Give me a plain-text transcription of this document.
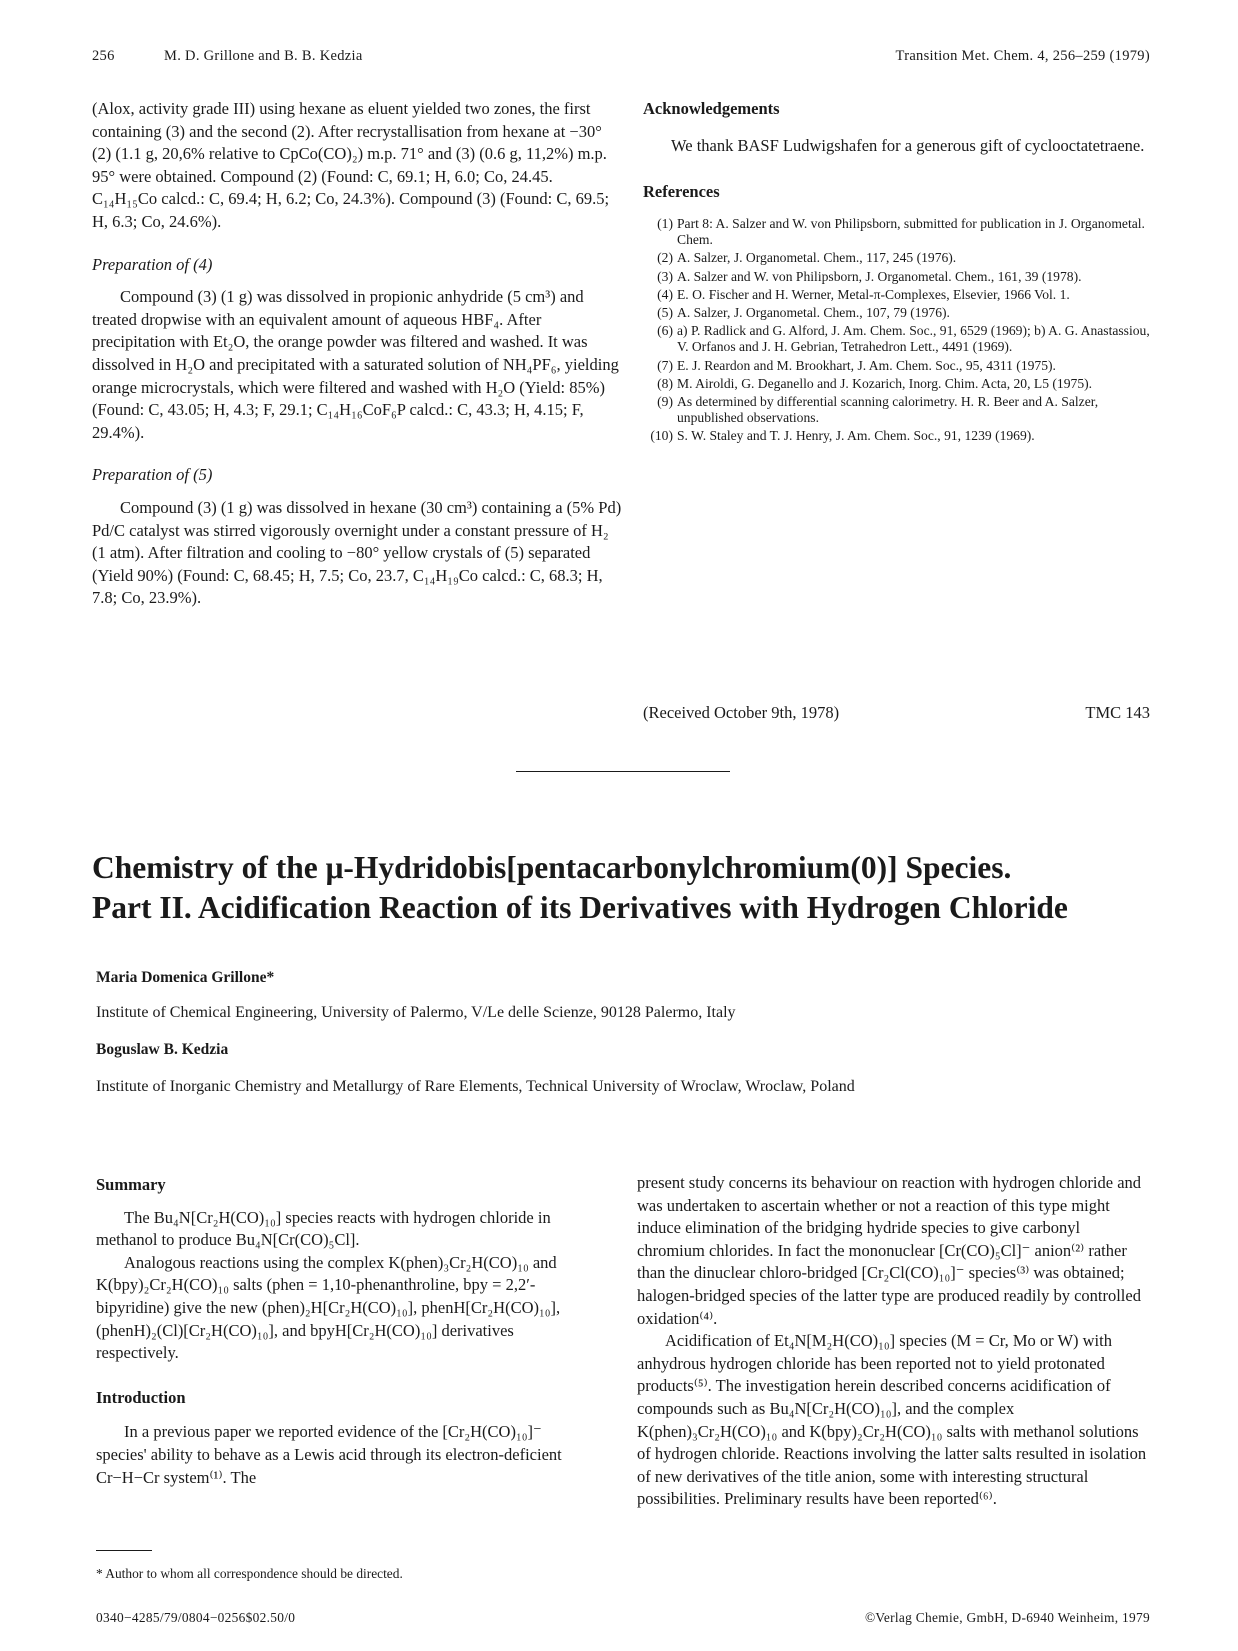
256	M. D. Grillone and B. B. Kedzia	Transition Met. Chem. 4, 256–259 (1979)

(Alox, activity grade III) using hexane as eluent yielded two zones, the first containing (3) and the second (2). After recrystallisation from hexane at −30° (2) (1.1 g, 20,6% relative to CpCo(CO)₂) m.p. 71° and (3) (0.6 g, 11,2%) m.p. 95° were obtained. Compound (2) (Found: C, 69.1; H, 6.0; Co, 24.45. C₁₄H₁₅Co calcd.: C, 69.4; H, 6.2; Co, 24.3%). Compound (3) (Found: C, 69.5; H, 6.3; Co, 24.6%).

Preparation of (4)

Compound (3) (1 g) was dissolved in propionic anhydride (5 cm³) and treated dropwise with an equivalent amount of aqueous HBF₄. After precipitation with Et₂O, the orange powder was filtered and washed. It was dissolved in H₂O and precipitated with a saturated solution of NH₄PF₆, yielding orange microcrystals, which were filtered and washed with H₂O (Yield: 85%) (Found: C, 43.05; H, 4.3; F, 29.1; C₁₄H₁₆CoF₆P calcd.: C, 43.3; H, 4.15; F, 29.4%).

Preparation of (5)

Compound (3) (1 g) was dissolved in hexane (30 cm³) containing a (5% Pd) Pd/C catalyst was stirred vigorously overnight under a constant pressure of H₂ (1 atm). After filtration and cooling to −80° yellow crystals of (5) separated (Yield 90%) (Found: C, 68.45; H, 7.5; Co, 23.7, C₁₄H₁₉Co calcd.: C, 68.3; H, 7.8; Co, 23.9%).

Acknowledgements

We thank BASF Ludwigshafen for a generous gift of cyclooctatetraene.

References
(1) Part 8: A. Salzer and W. von Philipsborn, submitted for publication in J. Organometal. Chem.
(2) A. Salzer, J. Organometal. Chem., 117, 245 (1976).
(3) A. Salzer and W. von Philipsborn, J. Organometal. Chem., 161, 39 (1978).
(4) E. O. Fischer and H. Werner, Metal-π-Complexes, Elsevier, 1966 Vol. 1.
(5) A. Salzer, J. Organometal. Chem., 107, 79 (1976).
(6) a) P. Radlick and G. Alford, J. Am. Chem. Soc., 91, 6529 (1969); b) A. G. Anastassiou, V. Orfanos and J. H. Gebrian, Tetrahedron Lett., 4491 (1969).
(7) E. J. Reardon and M. Brookhart, J. Am. Chem. Soc., 95, 4311 (1975).
(8) M. Airoldi, G. Deganello and J. Kozarich, Inorg. Chim. Acta, 20, L5 (1975).
(9) As determined by differential scanning calorimetry. H. R. Beer and A. Salzer, unpublished observations.
(10) S. W. Staley and T. J. Henry, J. Am. Chem. Soc., 91, 1239 (1969).
(Received October 9th, 1978)	TMC 143
Chemistry of the μ-Hydridobis[pentacarbonylchromium(0)] Species.
Part II. Acidification Reaction of its Derivatives with Hydrogen Chloride
Maria Domenica Grillone*
Institute of Chemical Engineering, University of Palermo, V/Le delle Scienze, 90128 Palermo, Italy
Boguslaw B. Kedzia
Institute of Inorganic Chemistry and Metallurgy of Rare Elements, Technical University of Wroclaw, Wroclaw, Poland
Summary

The Bu₄N[Cr₂H(CO)₁₀] species reacts with hydrogen chloride in methanol to produce Bu₄N[Cr(CO)₅Cl].

Analogous reactions using the complex K(phen)₃Cr₂H(CO)₁₀ and K(bpy)₂Cr₂H(CO)₁₀ salts (phen = 1,10-phenanthroline, bpy = 2,2′-bipyridine) give the new (phen)₂H[Cr₂H(CO)₁₀], phenH[Cr₂H(CO)₁₀], (phenH)₂(Cl)[Cr₂H(CO)₁₀], and bpyH[Cr₂H(CO)₁₀] derivatives respectively.

Introduction

In a previous paper we reported evidence of the [Cr₂H(CO)₁₀]⁻ species' ability to behave as a Lewis acid through its electron-deficient Cr−H−Cr system⁽¹⁾. The

* Author to whom all correspondence should be directed.

present study concerns its behaviour on reaction with hydrogen chloride and was undertaken to ascertain whether or not a reaction of this type might induce elimination of the bridging hydride species to give carbonyl chromium chlorides. In fact the mononuclear [Cr(CO)₅Cl]⁻ anion⁽²⁾ rather than the dinuclear chloro-bridged [Cr₂Cl(CO)₁₀]⁻ species⁽³⁾ was obtained; halogen-bridged species of the latter type are produced readily by controlled oxidation⁽⁴⁾.

Acidification of Et₄N[M₂H(CO)₁₀] species (M = Cr, Mo or W) with anhydrous hydrogen chloride has been reported not to yield protonated products⁽⁵⁾. The investigation herein described concerns acidification of compounds such as Bu₄N[Cr₂H(CO)₁₀], and the complex K(phen)₃Cr₂H(CO)₁₀ and K(bpy)₂Cr₂H(CO)₁₀ salts with methanol solutions of hydrogen chloride. Reactions involving the latter salts resulted in isolation of new derivatives of the title anion, some with interesting structural possibilities. Preliminary results have been reported⁽⁶⁾.

0340−4285/79/0804−0256$02.50/0	©Verlag Chemie, GmbH, D-6940 Weinheim, 1979
